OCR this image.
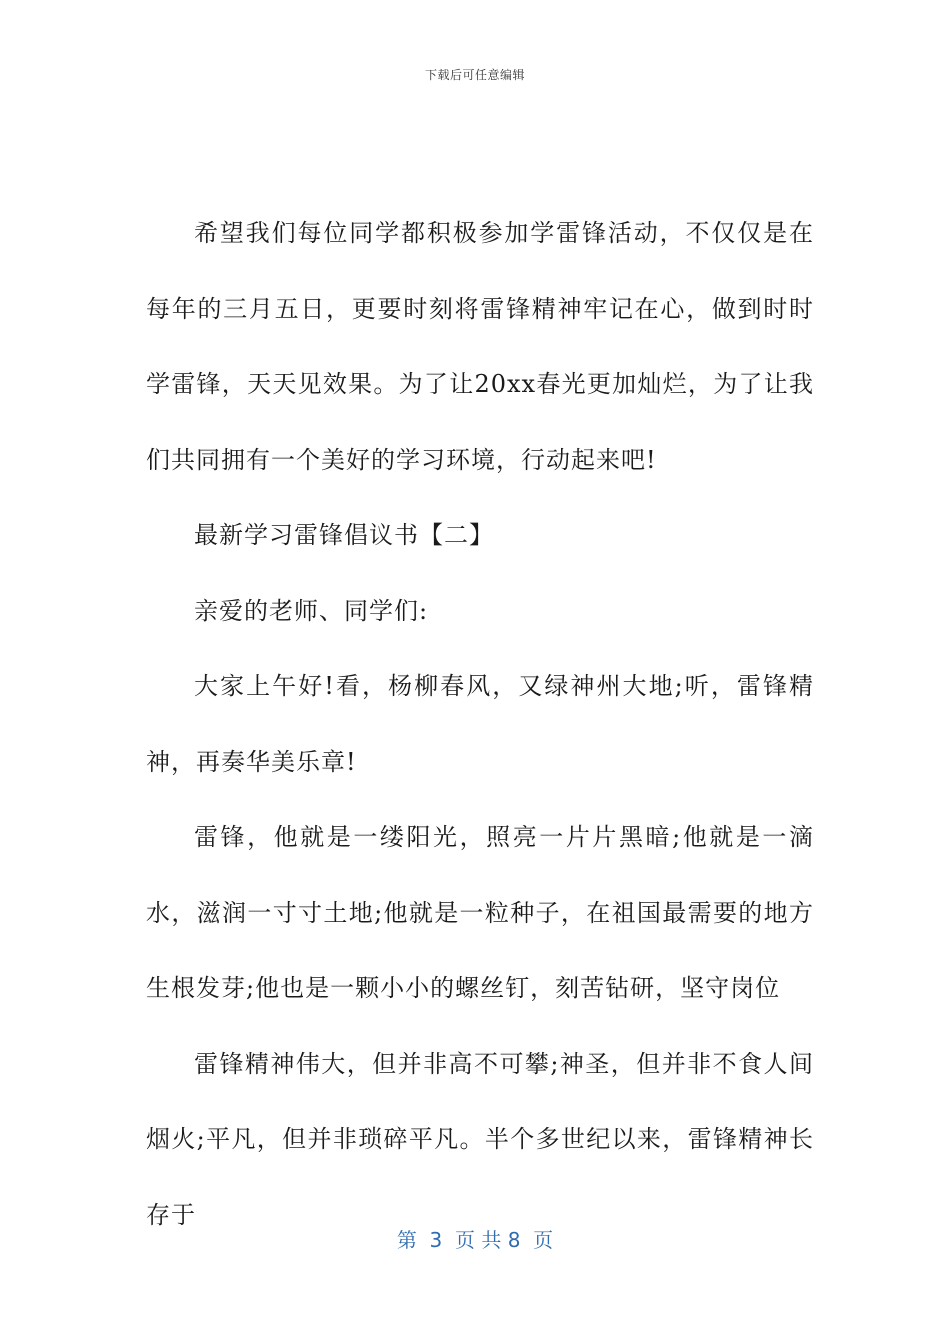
下载后可任意编辑

希望我们每位同学都积极参加学雷锋活动，不仅仅是在每年的三月五日，更要时刻将雷锋精神牢记在心，做到时时学雷锋，天天见效果。为了让20xx春光更加灿烂，为了让我们共同拥有一个美好的学习环境，行动起来吧!

最新学习雷锋倡议书【二】

亲爱的老师、同学们:

大家上午好!看，杨柳春风，又绿神州大地;听，雷锋精神，再奏华美乐章!

雷锋，他就是一缕阳光，照亮一片片黑暗;他就是一滴水，滋润一寸寸土地;他就是一粒种子，在祖国最需要的地方生根发芽;他也是一颗小小的螺丝钉，刻苦钻研，坚守岗位

雷锋精神伟大，但并非高不可攀;神圣，但并非不食人间烟火;平凡，但并非琐碎平凡。半个多世纪以来，雷锋精神长存于

第  3  页 共 8  页
